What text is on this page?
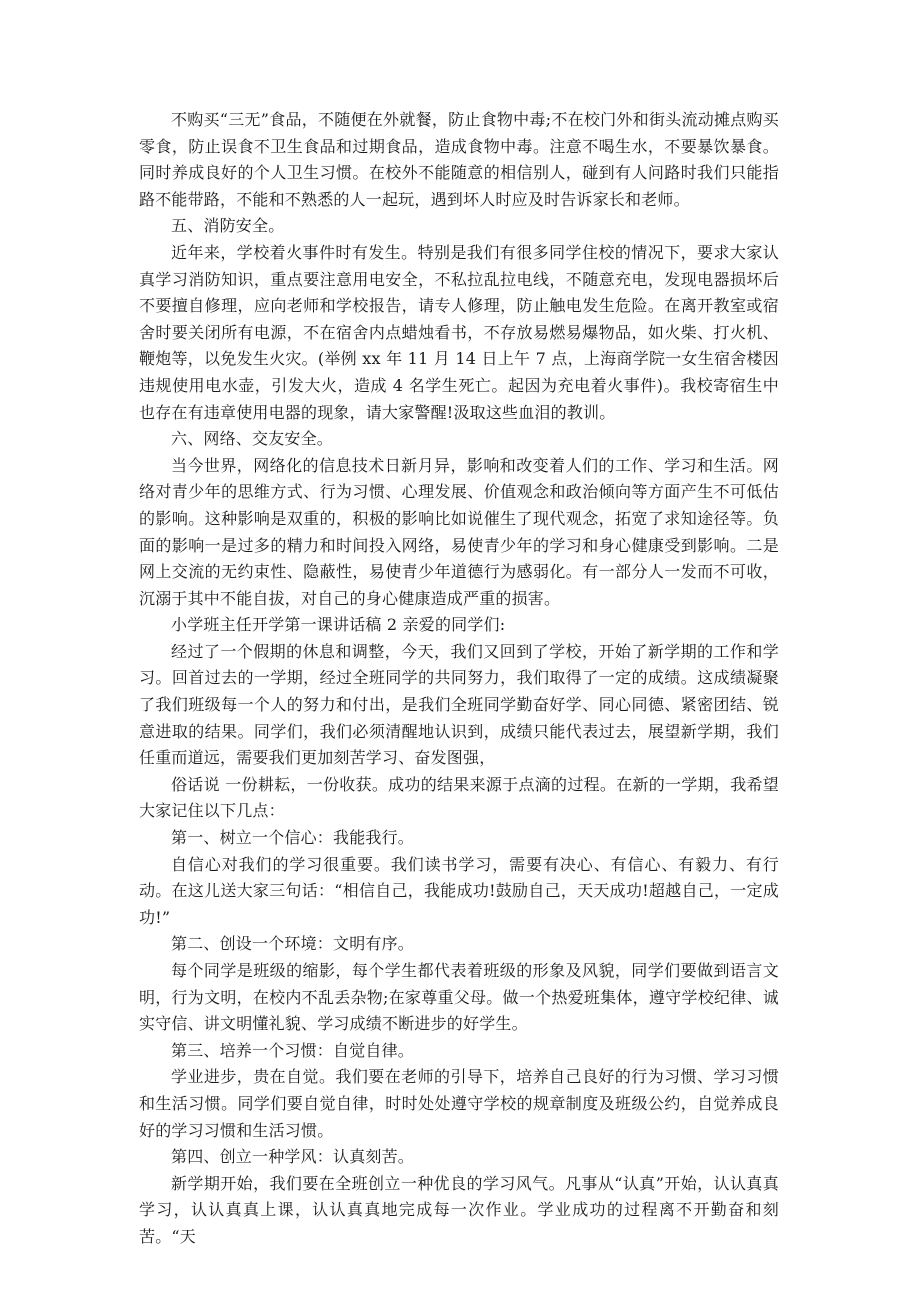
不购买“三无”食品，不随便在外就餐，防止食物中毒;不在校门外和街头流动摊点购买零食，防止误食不卫生食品和过期食品，造成食物中毒。注意不喝生水，不要暴饮暴食。同时养成良好的个人卫生习惯。在校外不能随意的相信别人，碰到有人问路时我们只能指路不能带路，不能和不熟悉的人一起玩，遇到坏人时应及时告诉家长和老师。

五、消防安全。

近年来，学校着火事件时有发生。特别是我们有很多同学住校的情况下，要求大家认真学习消防知识，重点要注意用电安全，不私拉乱拉电线，不随意充电，发现电器损坏后不要擅自修理，应向老师和学校报告，请专人修理，防止触电发生危险。在离开教室或宿舍时要关闭所有电源，不在宿舍内点蜡烛看书，不存放易燃易爆物品，如火柴、打火机、鞭炮等，以免发生火灾。(举例 xx 年 11 月 14 日上午 7 点，上海商学院一女生宿舍楼因违规使用电水壶，引发大火，造成 4 名学生死亡。起因为充电着火事件)。我校寄宿生中也存在有违章使用电器的现象，请大家警醒!汲取这些血泪的教训。

六、网络、交友安全。

当今世界，网络化的信息技术日新月异，影响和改变着人们的工作、学习和生活。网络对青少年的思维方式、行为习惯、心理发展、价值观念和政治倾向等方面产生不可低估的影响。这种影响是双重的，积极的影响比如说催生了现代观念，拓宽了求知途径等。负面的影响一是过多的精力和时间投入网络，易使青少年的学习和身心健康受到影响。二是网上交流的无约束性、隐蔽性，易使青少年道德行为感弱化。有一部分人一发而不可收，沉溺于其中不能自拔，对自己的身心健康造成严重的损害。

小学班主任开学第一课讲话稿 2 亲爱的同学们:

经过了一个假期的休息和调整，今天，我们又回到了学校，开始了新学期的工作和学习。回首过去的一学期，经过全班同学的共同努力，我们取得了一定的成绩。这成绩凝聚了我们班级每一个人的努力和付出，是我们全班同学勤奋好学、同心同德、紧密团结、锐意进取的结果。同学们，我们必须清醒地认识到，成绩只能代表过去，展望新学期，我们任重而道远，需要我们更加刻苦学习、奋发图强，

俗话说 一份耕耘，一份收获。成功的结果来源于点滴的过程。在新的一学期，我希望大家记住以下几点：

第一、树立一个信心：我能我行。

自信心对我们的学习很重要。我们读书学习，需要有决心、有信心、有毅力、有行动。在这儿送大家三句话：“相信自己，我能成功!鼓励自己，天天成功!超越自己，一定成功!”

第二、创设一个环境：文明有序。

每个同学是班级的缩影，每个学生都代表着班级的形象及风貌，同学们要做到语言文明，行为文明，在校内不乱丢杂物;在家尊重父母。做一个热爱班集体，遵守学校纪律、诚实守信、讲文明懂礼貌、学习成绩不断进步的好学生。

第三、培养一个习惯：自觉自律。

学业进步，贵在自觉。我们要在老师的引导下，培养自己良好的行为习惯、学习习惯和生活习惯。同学们要自觉自律，时时处处遵守学校的规章制度及班级公约，自觉养成良好的学习习惯和生活习惯。

第四、创立一种学风：认真刻苦。

新学期开始，我们要在全班创立一种优良的学习风气。凡事从“认真”开始，认认真真学习，认认真真上课，认认真真地完成每一次作业。学业成功的过程离不开勤奋和刻苦。“天
